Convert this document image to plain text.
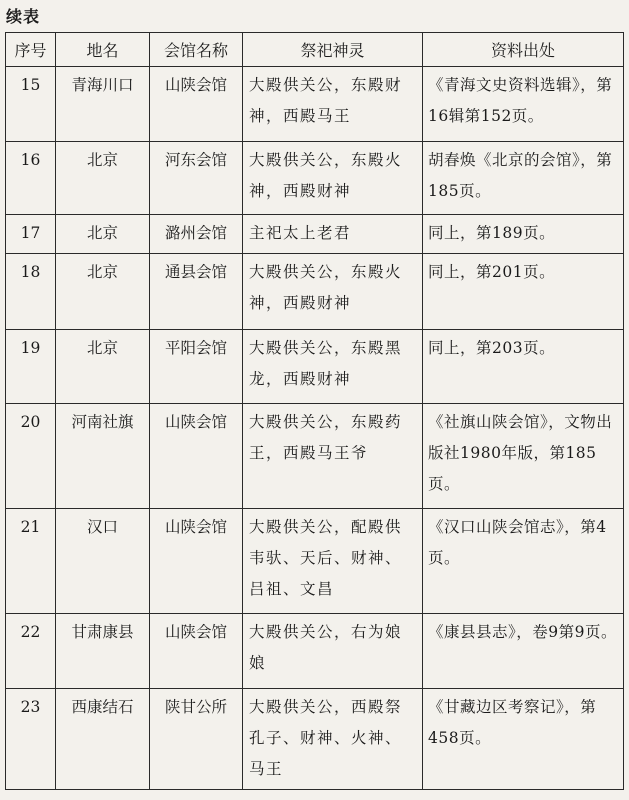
续表
序号	地名	会馆名称	祭祀神灵	资料出处
15	青海川口	山陕会馆	大殿供关公，东殿财神，西殿马王	《青海文史资料选辑》，第16辑第152页。
16	北京	河东会馆	大殿供关公，东殿火神，西殿财神	胡春焕《北京的会馆》，第185页。
17	北京	潞州会馆	主祀太上老君	同上，第189页。
18	北京	通县会馆	大殿供关公，东殿火神，西殿财神	同上，第201页。
19	北京	平阳会馆	大殿供关公，东殿黑龙，西殿财神	同上，第203页。
20	河南社旗	山陕会馆	大殿供关公，东殿药王，西殿马王爷	《社旗山陕会馆》，文物出版社1980年版，第185页。
21	汉口	山陕会馆	大殿供关公，配殿供韦驮、天后、财神、吕祖、文昌	《汉口山陕会馆志》，第4页。
22	甘肃康县	山陕会馆	大殿供关公，右为娘娘	《康县县志》，卷9第9页。
23	西康结石	陕甘公所	大殿供关公，西殿祭孔子、财神、火神、马王	《甘藏边区考察记》，第458页。
